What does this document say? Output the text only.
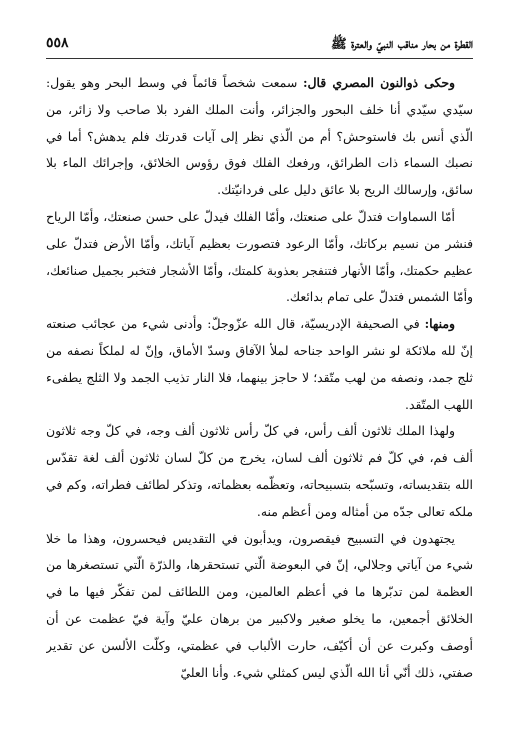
القطرة من بحار مناقب النبيّ والعترة ﷺ
٥٥٨

وحكى ذوالنون المصري قال: سمعت شخصاً قائماً في وسط البحر وهو يقول: سيّدي سيّدي أنا خلف البحور والجزائر، وأنت الملك الفرد بلا صاحب ولا زائر، من الّذي أنس بك فاستوحش؟ أم من الّذي نظر إلى آيات قدرتك فلم يدهش؟ أما في نصبك السماء ذات الطرائق، ورفعك الفلك فوق رؤوس الخلائق، وإجرائك الماء بلا سائق، وإرسالك الريح بلا عائق دليل على فردانيّتك.

أمّا السماوات فتدلّ على صنعتك، وأمّا الفلك فيدلّ على حسن صنعتك، وأمّا الرياح فنشر من نسيم بركاتك، وأمّا الرعود فتصورت بعظيم آياتك، وأمّا الأرض فتدلّ على عظيم حكمتك، وأمّا الأنهار فتنفجر بعذوبة كلمتك، وأمّا الأشجار فتخبر بجميل صنائعك، وأمّا الشمس فتدلّ على تمام بدائعك.

ومنها: في الصحيفة الإدريسيّة، قال الله عزّوجلّ: وأدنى شيء من عجائب صنعته إنّ لله ملائكة لو نشر الواحد جناحه لملأ الآفاق وسدّ الأماق، وإنّ له لملكاً نصفه من ثلج جمد، ونصفه من لهب متّقد؛ لا حاجز بينهما، فلا النار تذيب الجمد ولا الثلج يطفىء اللهب المتّقد.

ولهذا الملك ثلاثون ألف رأس، في كلّ رأس ثلاثون ألف وجه، في كلّ وجه ثلاثون ألف فم، في كلّ فم ثلاثون ألف لسان، يخرج من كلّ لسان ثلاثون ألف لغة تقدّس الله بتقديساته، وتسبّحه بتسبيحاته، وتعظّمه بعظماته، وتذكر لطائف فطراته، وكم في ملكه تعالى جدّه من أمثاله ومن أعظم منه.

يجتهدون في التسبيح فيقصرون، ويدأبون في التقديس فيحسرون، وهذا ما خلا شيء من آياتي وجلالي، إنّ في البعوضة الّتي تستحقرها، والذرّة الّتي تستصغرها من العظمة لمن تدبّرها ما في أعظم العالمين، ومن اللطائف لمن تفكّر فيها ما في الخلائق أجمعين، ما يخلو صغير ولاكبير من برهان عليّ وآية فيّ عظمت عن أن أوصف وكبرت عن أن أكيّف، حارت الألباب في عظمتي، وكلّت الألسن عن تقدير صفتي، ذلك أنّي أنا الله الّذي ليس كمثلي شيء. وأنا العليّ
